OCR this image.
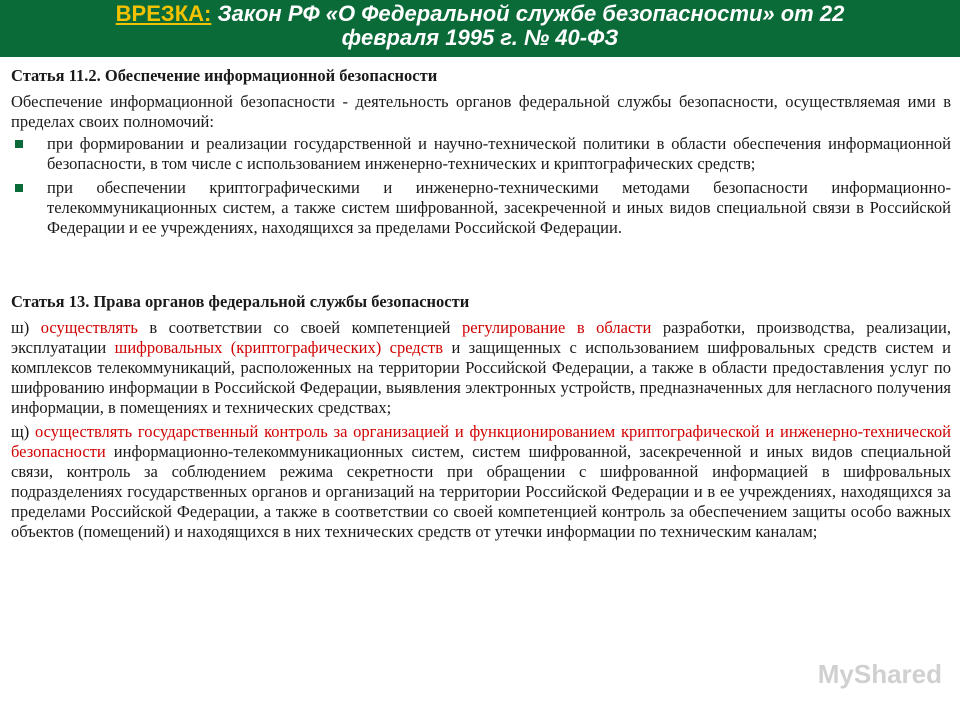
ВРЕЗКА: Закон РФ «О Федеральной службе безопасности» от 22
февраля 1995 г. № 40-ФЗ
Статья 11.2. Обеспечение информационной безопасности
Обеспечение информационной безопасности - деятельность органов федеральной службы безопасности, осуществляемая ими в пределах своих полномочий:
при формировании и реализации государственной и научно-технической политики в области обеспечения информационной безопасности, в том числе с использованием инженерно-технических и криптографических средств;
при обеспечении криптографическими и инженерно-техническими методами безопасности информационно-телекоммуникационных систем, а также систем шифрованной, засекреченной и иных видов специальной связи в Российской Федерации и ее учреждениях, находящихся за пределами Российской Федерации.
Статья 13. Права органов федеральной службы безопасности
ш) осуществлять в соответствии со своей компетенцией регулирование в области разработки, производства, реализации, эксплуатации шифровальных (криптографических) средств и защищенных с использованием шифровальных средств систем и комплексов телекоммуникаций, расположенных на территории Российской Федерации, а также в области предоставления услуг по шифрованию информации в Российской Федерации, выявления электронных устройств, предназначенных для негласного получения информации, в помещениях и технических средствах;
щ) осуществлять государственный контроль за организацией и функционированием криптографической и инженерно-технической безопасности информационно-телекоммуникационных систем, систем шифрованной, засекреченной и иных видов специальной связи, контроль за соблюдением режима секретности при обращении с шифрованной информацией в шифровальных подразделениях государственных органов и организаций на территории Российской Федерации и в ее учреждениях, находящихся за пределами Российской Федерации, а также в соответствии со своей компетенцией контроль за обеспечением защиты особо важных объектов (помещений) и находящихся в них технических средств от утечки информации по техническим каналам;
MyShared
